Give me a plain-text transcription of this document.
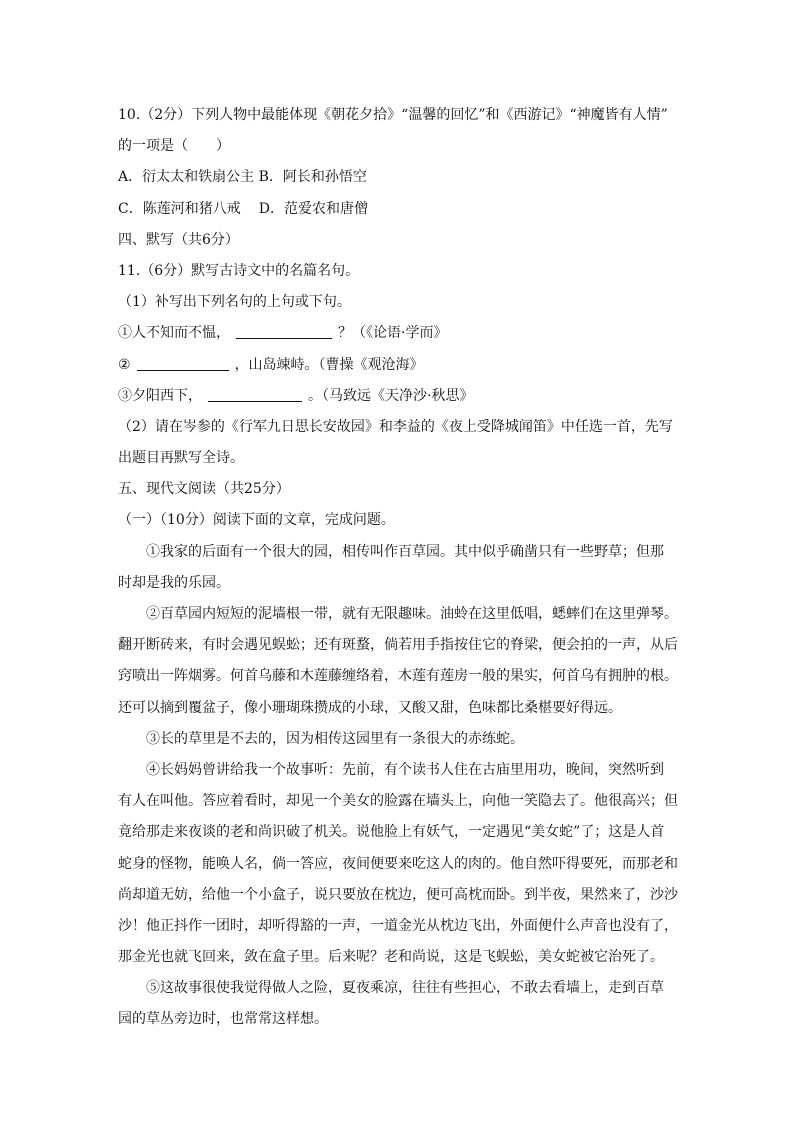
10.（2分）下列人物中最能体现《朝花夕拾》“温馨的回忆”和《西游记》“神魔皆有人情”
的一项是（　　）
A．衍太太和铁扇公主 B．阿长和孙悟空
C．陈莲河和猪八戒 D．范爱农和唐僧
四、默写（共6分）
11.（6分）默写古诗文中的名篇名句。
（1）补写出下列名句的上句或下句。
①人不知而不愠，	？（《论语·学而》
②	，山岛竦峙。（曹操《观沧海》
③夕阳西下，	。（马致远《天净沙·秋思》
（2）请在岑参的《行军九日思长安故园》和李益的《夜上受降城闻笛》中任选一首，先写
出题目再默写全诗。
五、现代文阅读（共25分）
（一）（10分）阅读下面的文章，完成问题。
①我家的后面有一个很大的园，相传叫作百草园。其中似乎确凿只有一些野草；但那
时却是我的乐园。
②百草园内短短的泥墙根一带，就有无限趣味。油蛉在这里低唱，蟋蟀们在这里弹琴。
翻开断砖来，有时会遇见蜈蚣；还有斑蝥，倘若用手指按住它的脊梁，便会拍的一声，从后
窍喷出一阵烟雾。何首乌藤和木莲藤缠络着，木莲有莲房一般的果实，何首乌有拥肿的根。
还可以摘到覆盆子，像小珊瑚珠攒成的小球，又酸又甜，色味都比桑椹要好得远。
③长的草里是不去的，因为相传这园里有一条很大的赤练蛇。
④长妈妈曾讲给我一个故事听：先前，有个读书人住在古庙里用功，晚间，突然听到
有人在叫他。答应着看时，却见一个美女的脸露在墙头上，向他一笑隐去了。他很高兴；但
竟给那走来夜谈的老和尚识破了机关。说他脸上有妖气，一定遇见“美女蛇”了；这是人首
蛇身的怪物，能唤人名，倘一答应，夜间便要来吃这人的肉的。他自然吓得要死，而那老和
尚却道无妨，给他一个小盒子，说只要放在枕边，便可高枕而卧。到半夜，果然来了，沙沙
沙！他正抖作一团时，却听得豁的一声，一道金光从枕边飞出，外面便什么声音也没有了，
那金光也就飞回来，敛在盒子里。后来呢？老和尚说，这是飞蜈蚣，美女蛇被它治死了。
⑤这故事很使我觉得做人之险，夏夜乘凉，往往有些担心，不敢去看墙上，走到百草
园的草丛旁边时，也常常这样想。
